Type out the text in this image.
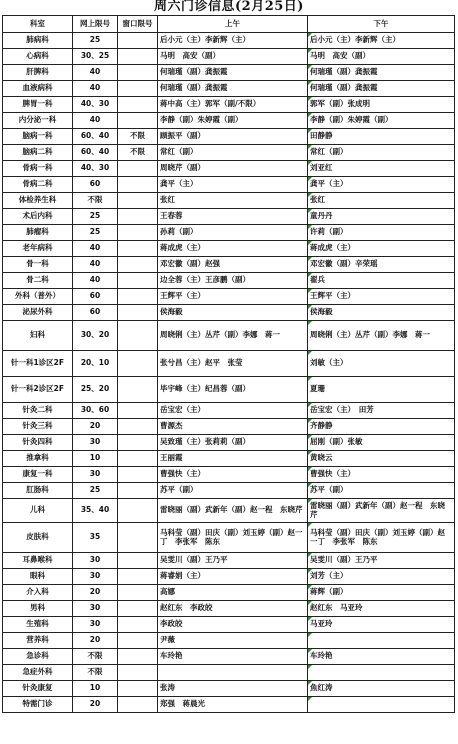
周六门诊信息(2月25日)
科室	网上限号	窗口限号	上午	下午
肺病科	25		后小元（主）李新辉（主）	后小元（主）李新辉（主）
心病科	30、25		马明　高安（副）	马明　高安（副）
肝脾科	40		何瑞瑾（副）龚振霞	何瑞瑾（副）龚振霞
血液病科	40		何瑞瑾（副）龚振霞	何瑞瑾（副）龚振霞
脾胃一科	40、30		蒋中高（主）郭军（副/不限）	郭军（副）张成明
内分泌一科	40		李静（副）朱婷霞（副）	李静（副）朱婷霞（副）
脑病一科	60、40	不限	顾振平（副）	田静静
脑病二科	60、40	不限	常红（副）	常红（副）
骨病一科	40、30		周晓芹（副）	刘亚红
骨病二科	60		龚平（主）	龚平（主）
体检养生科	不限		张红	张红
术后内科	25		王春蓉	童丹丹
肺瘤科	25		孙莉（副）	许莉（副）
老年病科	40		蒋成虎（主）	蒋成虎（主）
骨一科	40		邓宏徽（副）赵强	邓宏徽（副）辛荣瑶
骨二科	40		边全蓉（主）王彦鹏（副）	翟兵
外科（普外）	60		王辉平（主）	王辉平（主）
泌尿外科	60		侯海毅	侯海毅
妇科	30、20		周晓俐（主）丛芹（副）李娜　蒋一	周晓俐（主）丛芹（副）李娜　蒋一
针一科1诊区2F	20、10		张兮昌（主）赵平　张莹	刘敏（主）
针一科2诊区2F	25、20		毕宇峰（主）纪昌蓉（副）	夏珊
针灸二科	30、60		岳宝宏（主）	岳宝宏（主）　田芳
针灸三科	20		曹源杰	齐静静
针灸四科	30		吴致瑾（主）张莉莉（副）	屈刚（副）张敏
推拿科	10		王丽霞	黄晓云
康复一科	30		曹强快（主）	曹强快（主）
肛肠科	25		苏平（副）	苏平（副）
儿科	35、40		雷晓丽（副）武新年（副）赵一程　东晓芹	雷晓丽（副）武新年（副）赵一程　东晓芹
皮肤科	35		马科莹（副）田庆（副）刘玉婷（副）赵一丁　李张军　陈东	马科莹（副）田庆（副）刘玉婷（副）赵一丁　李张军　陈东
耳鼻喉科	30		吴雯川（副）王乃平	吴雯川（副）王乃平
眼科	30		蒋睿娟（主）	刘芳（主）
介入科	20		高娜	蒋辉（副）
男科	30		赵红东　李政皎	赵红东　马亚玲
生殖科	30		李政皎	马亚玲
营养科	20		尹薇	
急诊科	不限		车玲艳	车玲艳
急症外科	不限			
针灸康复	10		张涛	魚红涛
特需门诊	20		郑强　蒋晨光	
